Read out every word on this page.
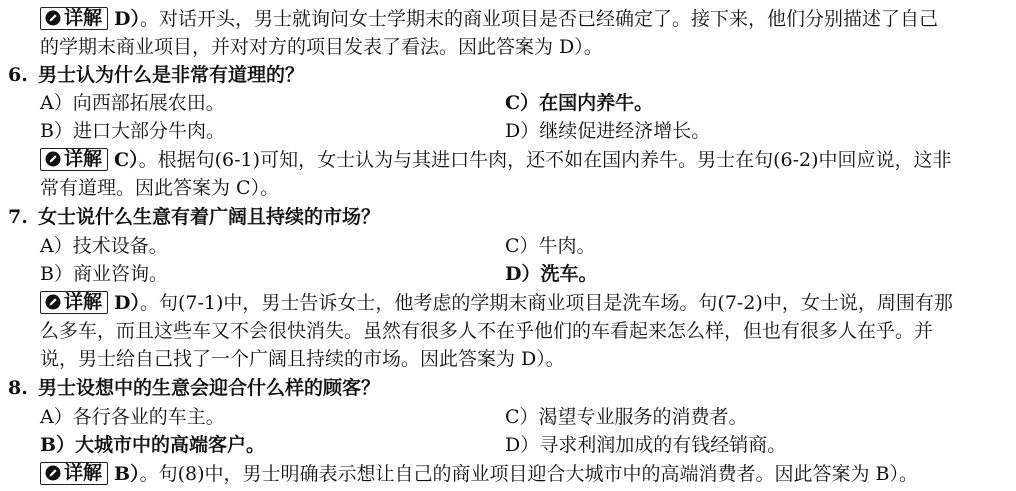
详解 D）。对话开头，男士就询问女士学期末的商业项目是否已经确定了。接下来，他们分别描述了自己
的学期末商业项目，并对对方的项目发表了看法。因此答案为 D）。
6. 男士认为什么是非常有道理的？
A）向西部拓展农田。	C）在国内养牛。
B）进口大部分牛肉。	D）继续促进经济增长。
详解 C）。根据句(6-1)可知，女士认为与其进口牛肉，还不如在国内养牛。男士在句(6-2)中回应说，这非
常有道理。因此答案为 C）。
7. 女士说什么生意有着广阔且持续的市场？
A）技术设备。	C）牛肉。
B）商业咨询。	D）洗车。
详解 D）。句(7-1)中，男士告诉女士，他考虑的学期末商业项目是洗车场。句(7-2)中，女士说，周围有那
么多车，而且这些车又不会很快消失。虽然有很多人不在乎他们的车看起来怎么样，但也有很多人在乎。并
说，男士给自己找了一个广阔且持续的市场。因此答案为 D）。
8. 男士设想中的生意会迎合什么样的顾客？
A）各行各业的车主。	C）渴望专业服务的消费者。
B）大城市中的高端客户。	D）寻求利润加成的有钱经销商。
详解 B）。句(8)中，男士明确表示想让自己的商业项目迎合大城市中的高端消费者。因此答案为 B）。
